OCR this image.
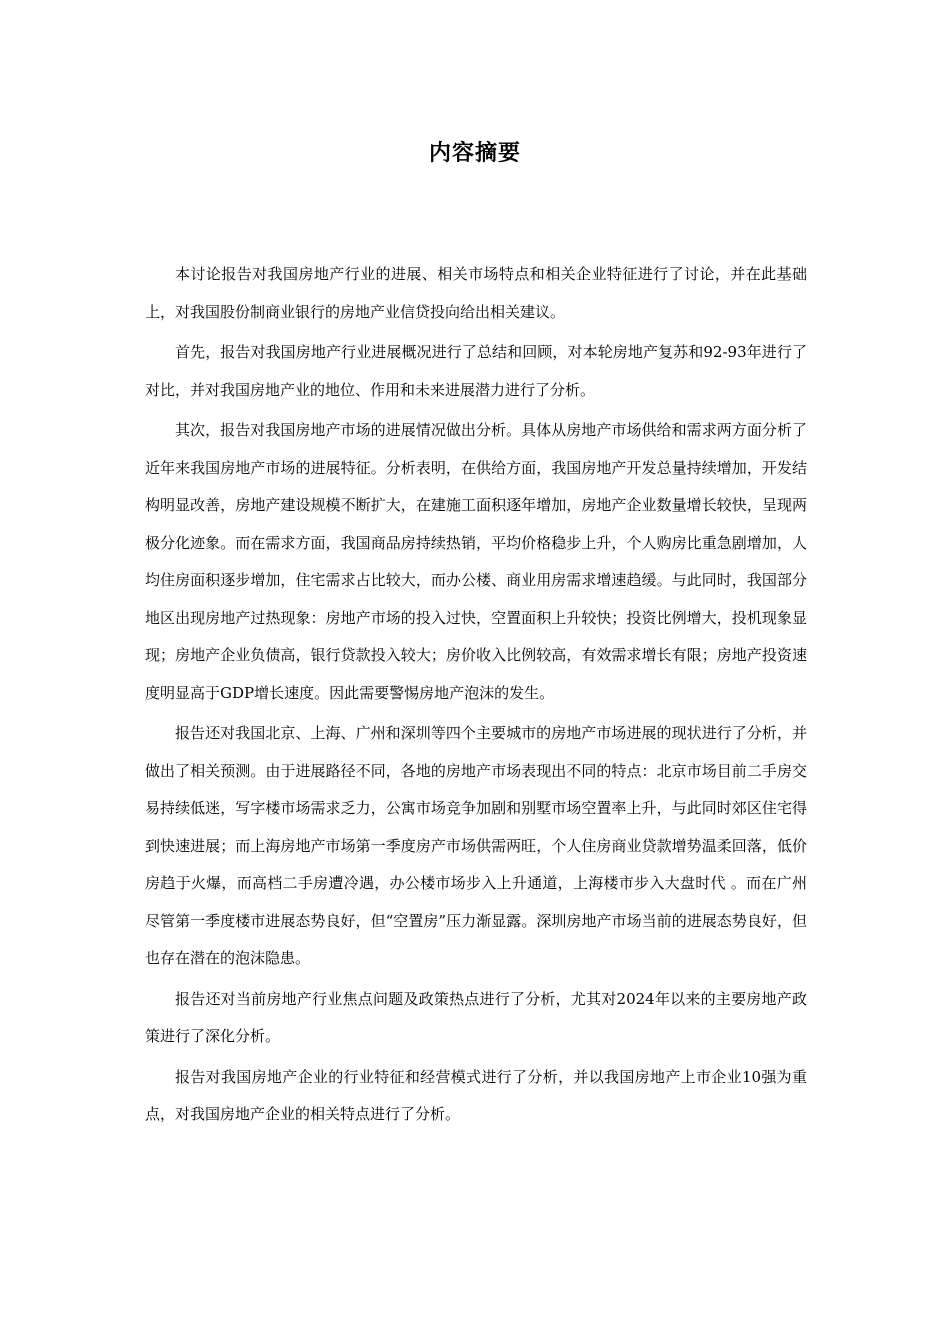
内容摘要

本讨论报告对我国房地产行业的进展、相关市场特点和相关企业特征进行了讨论，并在此基础上，对我国股份制商业银行的房地产业信贷投向给出相关建议。

首先，报告对我国房地产行业进展概况进行了总结和回顾，对本轮房地产复苏和92-93年进行了对比，并对我国房地产业的地位、作用和未来进展潜力进行了分析。

其次，报告对我国房地产市场的进展情况做出分析。具体从房地产市场供给和需求两方面分析了近年来我国房地产市场的进展特征。分析表明，在供给方面，我国房地产开发总量持续增加，开发结构明显改善，房地产建设规模不断扩大，在建施工面积逐年增加，房地产企业数量增长较快，呈现两极分化迹象。而在需求方面，我国商品房持续热销，平均价格稳步上升，个人购房比重急剧增加，人均住房面积逐步增加，住宅需求占比较大，而办公楼、商业用房需求增速趋缓。与此同时，我国部分地区出现房地产过热现象：房地产市场的投入过快，空置面积上升较快；投资比例增大，投机现象显现；房地产企业负债高，银行贷款投入较大；房价收入比例较高，有效需求增长有限；房地产投资速度明显高于GDP增长速度。因此需要警惕房地产泡沫的发生。

报告还对我国北京、上海、广州和深圳等四个主要城市的房地产市场进展的现状进行了分析，并做出了相关预测。由于进展路径不同，各地的房地产市场表现出不同的特点：北京市场目前二手房交易持续低迷，写字楼市场需求乏力，公寓市场竞争加剧和别墅市场空置率上升，与此同时郊区住宅得到快速进展；而上海房地产市场第一季度房产市场供需两旺，个人住房商业贷款增势温柔回落，低价房趋于火爆，而高档二手房遭冷遇，办公楼市场步入上升通道，上海楼市步入大盘时代 。而在广州尽管第一季度楼市进展态势良好，但“空置房”压力渐显露。深圳房地产市场当前的进展态势良好，但也存在潜在的泡沫隐患。

报告还对当前房地产行业焦点问题及政策热点进行了分析，尤其对2024年以来的主要房地产政策进行了深化分析。

报告对我国房地产企业的行业特征和经营模式进行了分析，并以我国房地产上市企业10强为重点，对我国房地产企业的相关特点进行了分析。
